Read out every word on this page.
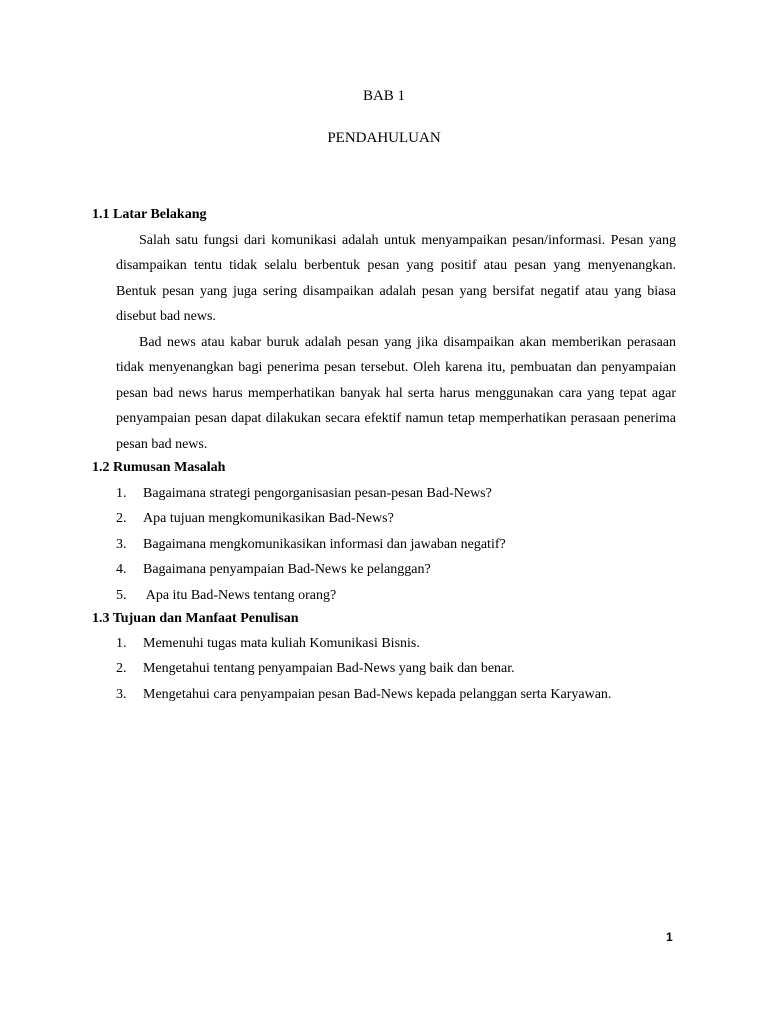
BAB 1
PENDAHULUAN
1.1 Latar Belakang

Salah satu fungsi dari komunikasi adalah untuk menyampaikan pesan/informasi. Pesan yang disampaikan tentu tidak selalu berbentuk pesan yang positif atau pesan yang menyenangkan. Bentuk pesan yang juga sering disampaikan adalah pesan yang bersifat negatif atau yang biasa disebut bad news.

Bad news atau kabar buruk adalah pesan yang jika disampaikan akan memberikan perasaan tidak menyenangkan bagi penerima pesan tersebut. Oleh karena itu, pembuatan dan penyampaian pesan bad news harus memperhatikan banyak hal serta harus menggunakan cara yang tepat agar penyampaian pesan dapat dilakukan secara efektif namun tetap memperhatikan perasaan penerima pesan bad news.

1.2 Rumusan Masalah
1. Bagaimana strategi pengorganisasian pesan-pesan Bad-News?
2. Apa tujuan mengkomunikasikan Bad-News?
3. Bagaimana mengkomunikasikan informasi dan jawaban negatif?
4. Bagaimana penyampaian Bad-News ke pelanggan?
5. Apa itu Bad-News tentang orang?
1.3 Tujuan dan Manfaat Penulisan
1. Memenuhi tugas mata kuliah Komunikasi Bisnis.
2. Mengetahui tentang penyampaian Bad-News yang baik dan benar.
3. Mengetahui cara penyampaian pesan Bad-News kepada pelanggan serta Karyawan.
1
